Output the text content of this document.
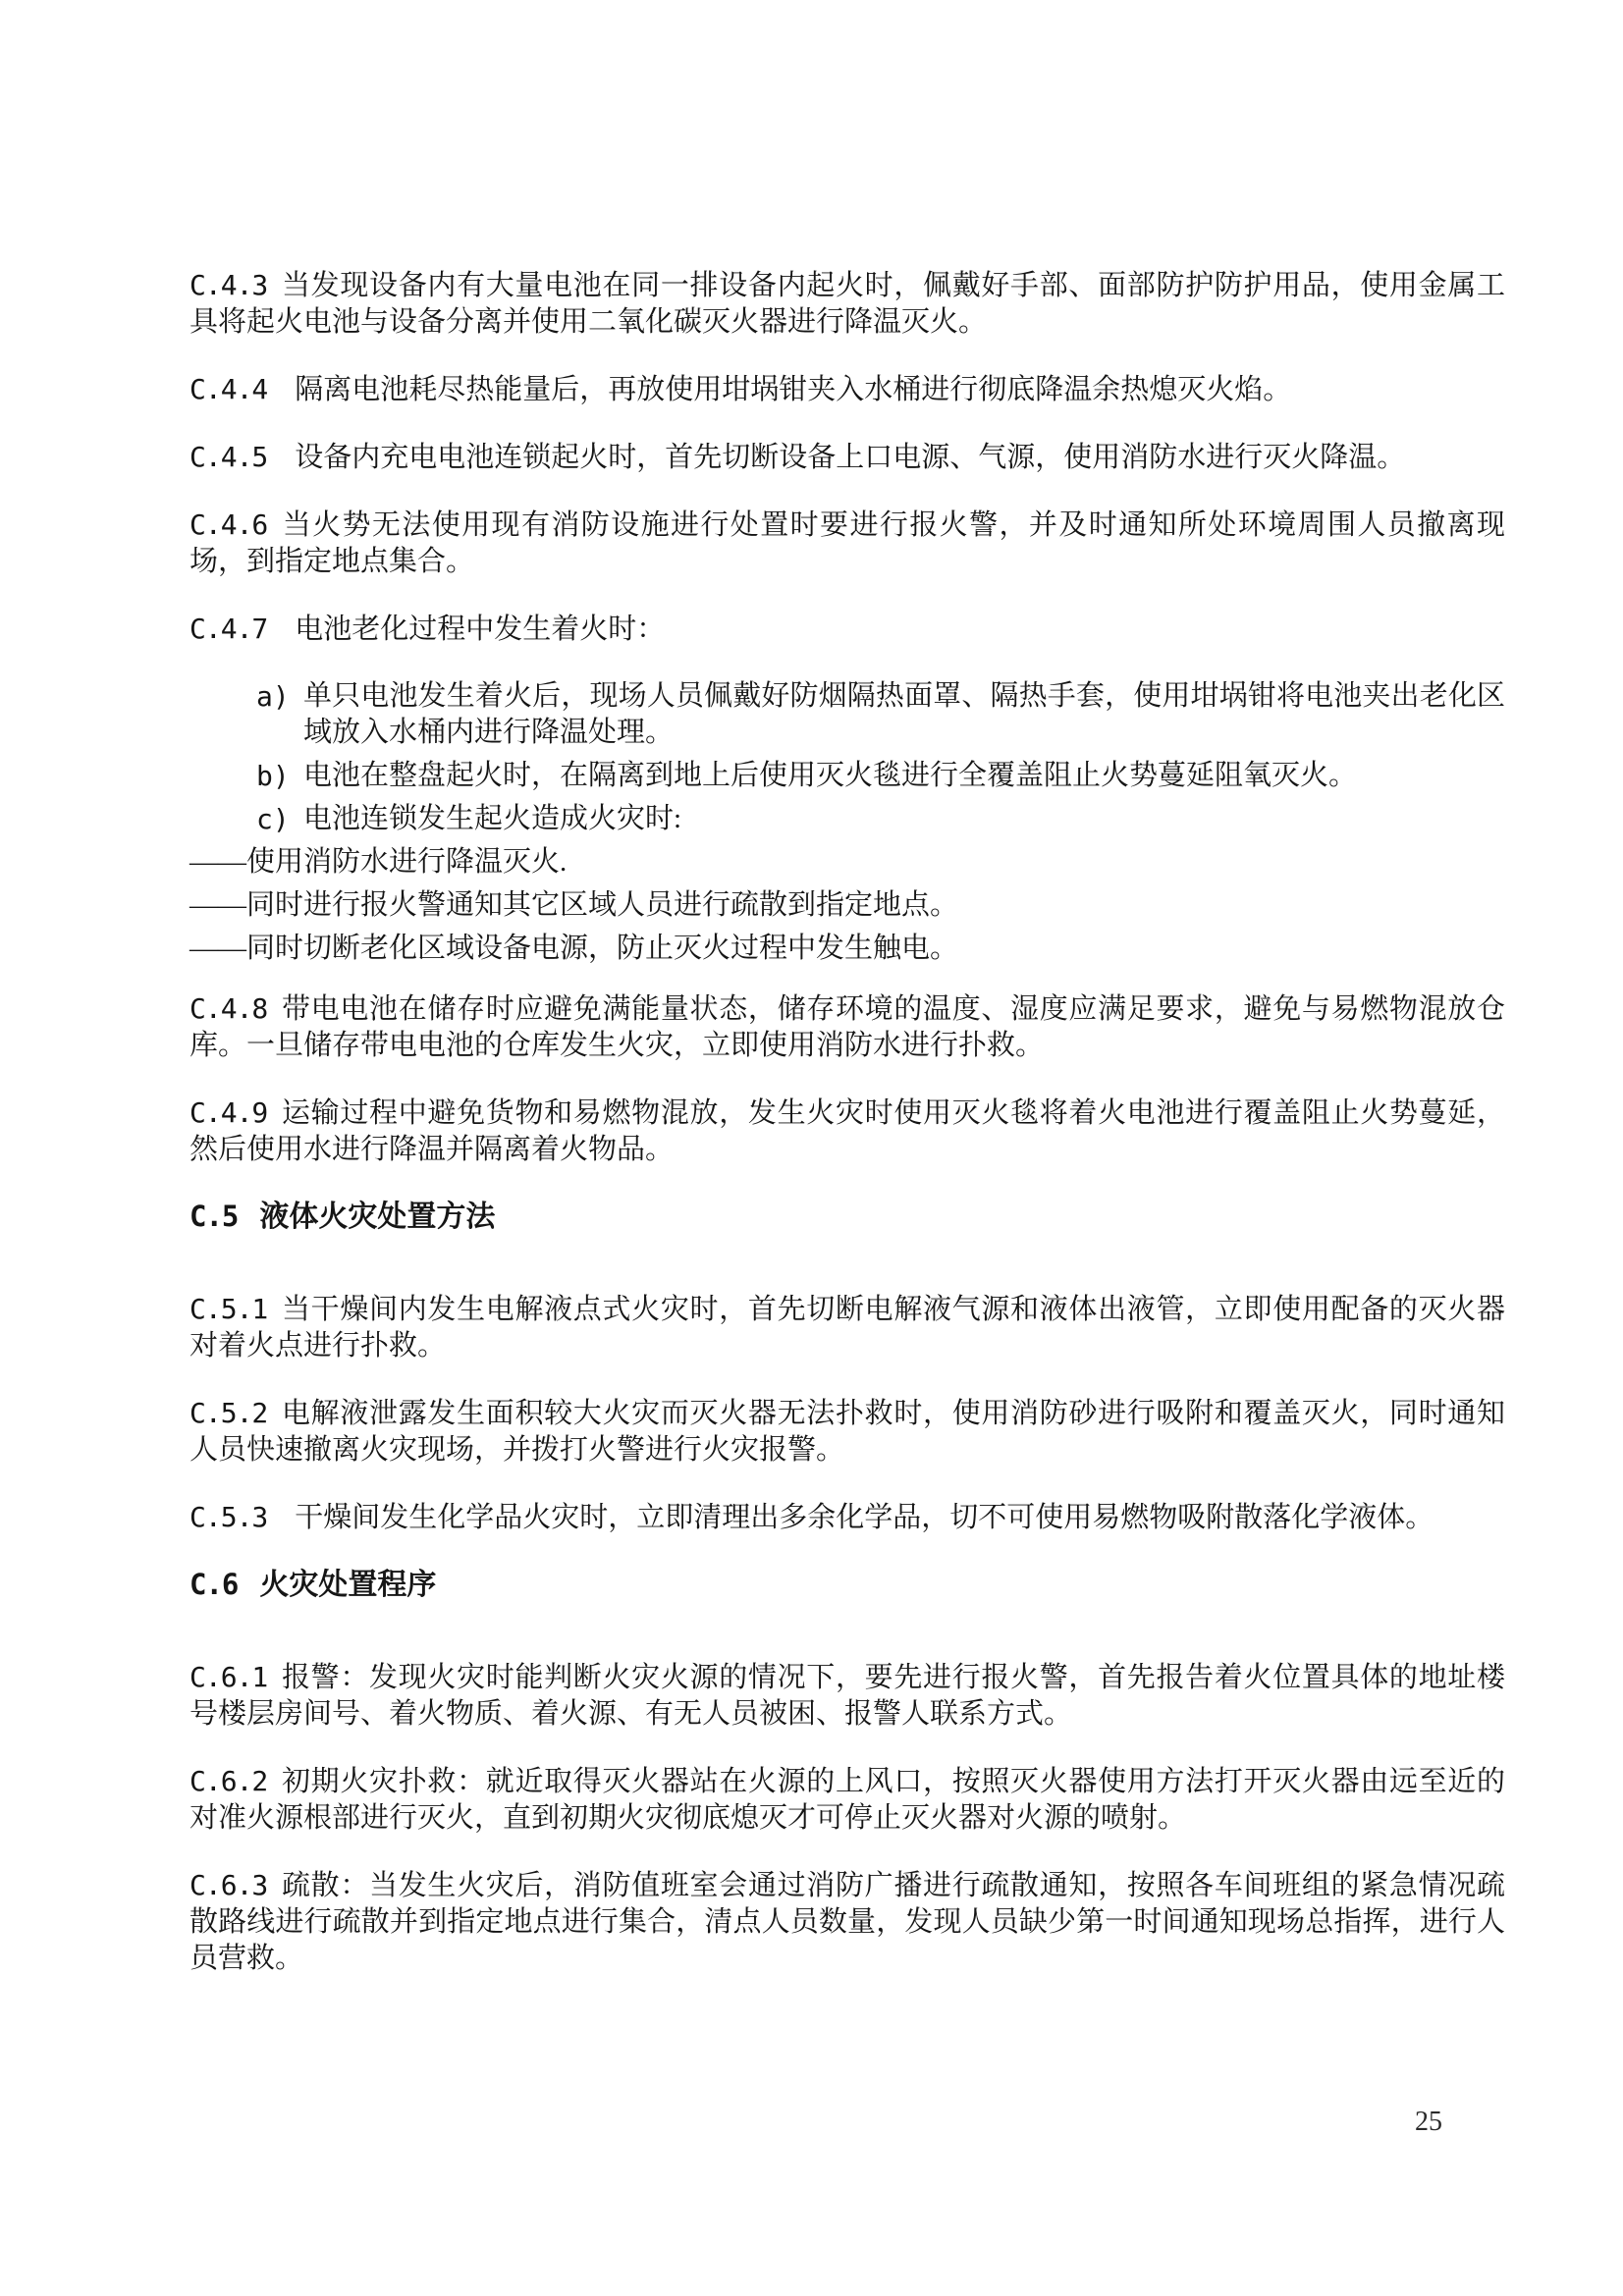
C.4.3 当发现设备内有大量电池在同一排设备内起火时，佩戴好手部、面部防护防护用品，使用金属工具将起火电池与设备分离并使用二氧化碳灭火器进行降温灭火。

C.4.4 隔离电池耗尽热能量后，再放使用坩埚钳夹入水桶进行彻底降温余热熄灭火焰。

C.4.5 设备内充电电池连锁起火时，首先切断设备上口电源、气源，使用消防水进行灭火降温。

C.4.6 当火势无法使用现有消防设施进行处置时要进行报火警，并及时通知所处环境周围人员撤离现场，到指定地点集合。

C.4.7 电池老化过程中发生着火时：

a) 单只电池发生着火后，现场人员佩戴好防烟隔热面罩、隔热手套，使用坩埚钳将电池夹出老化区域放入水桶内进行降温处理。
b) 电池在整盘起火时，在隔离到地上后使用灭火毯进行全覆盖阻止火势蔓延阻氧灭火。
c) 电池连锁发生起火造成火灾时:
——使用消防水进行降温灭火.
——同时进行报火警通知其它区域人员进行疏散到指定地点。
——同时切断老化区域设备电源，防止灭火过程中发生触电。

C.4.8 带电电池在储存时应避免满能量状态，储存环境的温度、湿度应满足要求，避免与易燃物混放仓库。一旦储存带电电池的仓库发生火灾，立即使用消防水进行扑救。

C.4.9 运输过程中避免货物和易燃物混放，发生火灾时使用灭火毯将着火电池进行覆盖阻止火势蔓延，然后使用水进行降温并隔离着火物品。

C.5 液体火灾处置方法

C.5.1 当干燥间内发生电解液点式火灾时，首先切断电解液气源和液体出液管，立即使用配备的灭火器对着火点进行扑救。

C.5.2 电解液泄露发生面积较大火灾而灭火器无法扑救时，使用消防砂进行吸附和覆盖灭火，同时通知人员快速撤离火灾现场，并拨打火警进行火灾报警。

C.5.3 干燥间发生化学品火灾时，立即清理出多余化学品，切不可使用易燃物吸附散落化学液体。

C.6 火灾处置程序

C.6.1 报警：发现火灾时能判断火灾火源的情况下，要先进行报火警，首先报告着火位置具体的地址楼号楼层房间号、着火物质、着火源、有无人员被困、报警人联系方式。

C.6.2 初期火灾扑救：就近取得灭火器站在火源的上风口，按照灭火器使用方法打开灭火器由远至近的对准火源根部进行灭火，直到初期火灾彻底熄灭才可停止灭火器对火源的喷射。

C.6.3 疏散：当发生火灾后，消防值班室会通过消防广播进行疏散通知，按照各车间班组的紧急情况疏散路线进行疏散并到指定地点进行集合，清点人员数量，发现人员缺少第一时间通知现场总指挥，进行人员营救。

25
